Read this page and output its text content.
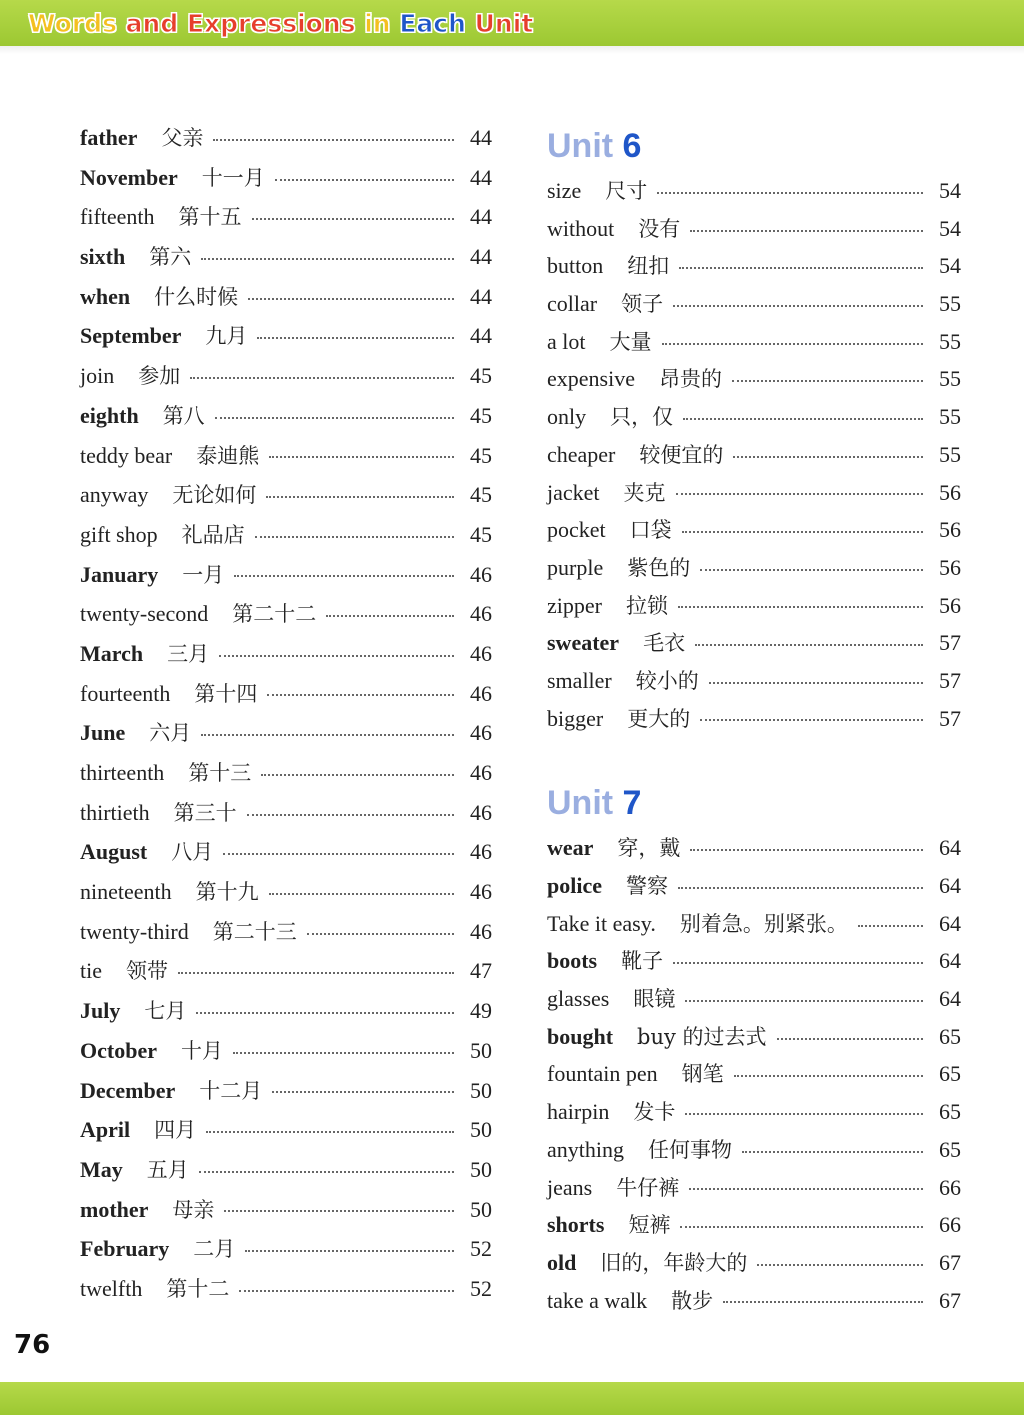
Words and Expressions in Each Unit
father 父亲	44
November 十一月	44
fifteenth 第十五	44
sixth 第六	44
when 什么时候	44
September 九月	44
join 参加	45
eighth 第八	45
teddy bear 泰迪熊	45
anyway 无论如何	45
gift shop 礼品店	45
January 一月	46
twenty-second 第二十二	46
March 三月	46
fourteenth 第十四	46
June 六月	46
thirteenth 第十三	46
thirtieth 第三十	46
August 八月	46
nineteenth 第十九	46
twenty-third 第二十三	46
tie 领带	47
July 七月	49
October 十月	50
December 十二月	50
April 四月	50
May 五月	50
mother 母亲	50
February 二月	52
twelfth 第十二	52
Unit 6
size 尺寸	54
without 没有	54
button 纽扣	54
collar 领子	55
a lot 大量	55
expensive 昂贵的	55
only 只，仅	55
cheaper 较便宜的	55
jacket 夹克	56
pocket 口袋	56
purple 紫色的	56
zipper 拉锁	56
sweater 毛衣	57
smaller 较小的	57
bigger 更大的	57
Unit 7
wear 穿，戴	64
police 警察	64
Take it easy. 别着急。别紧张。	64
boots 靴子	64
glasses 眼镜	64
bought buy 的过去式	65
fountain pen 钢笔	65
hairpin 发卡	65
anything 任何事物	65
jeans 牛仔裤	66
shorts 短裤	66
old 旧的，年龄大的	67
take a walk 散步	67
76
